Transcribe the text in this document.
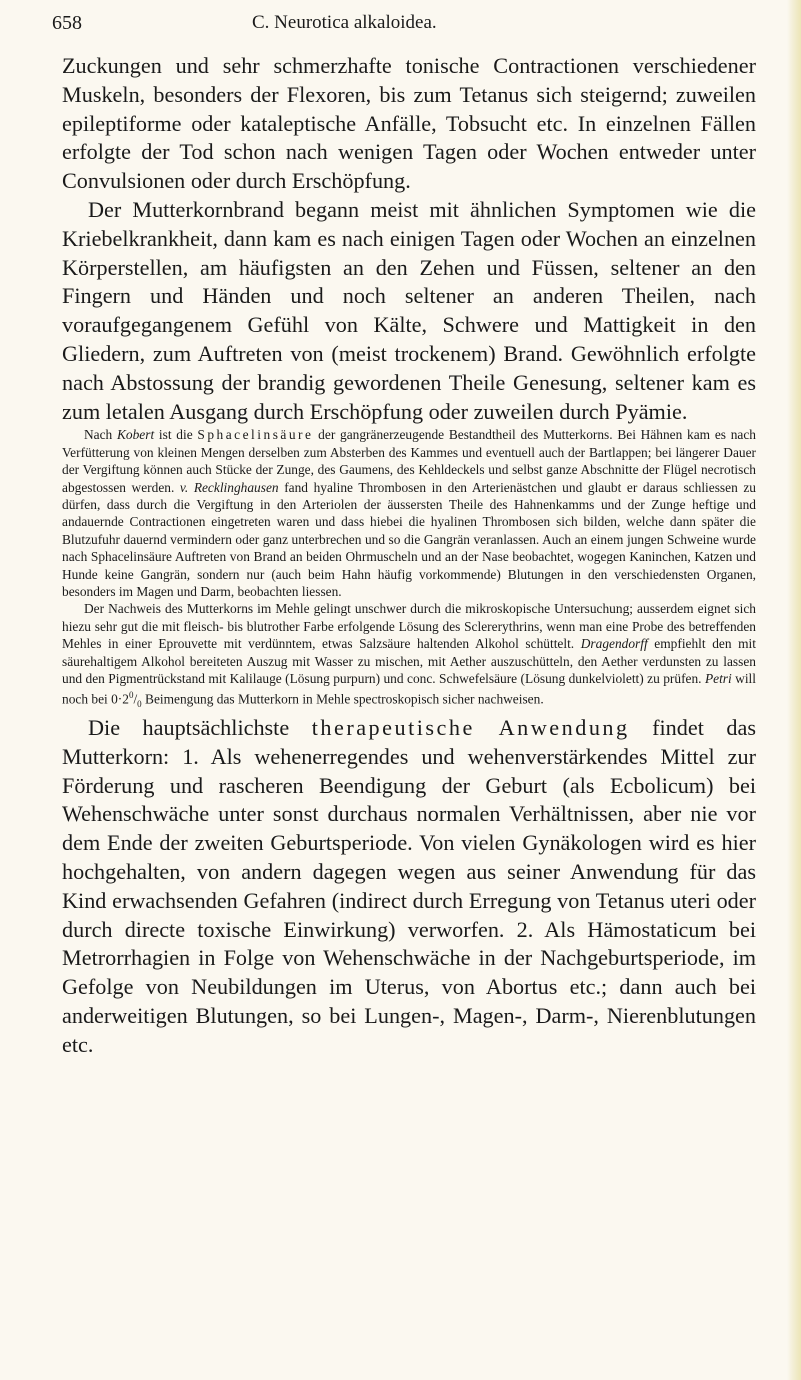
658	C. Neurotica alkaloidea.

Zuckungen und sehr schmerzhafte tonische Contractionen verschiedener Muskeln, besonders der Flexoren, bis zum Tetanus sich steigernd; zuweilen epileptiforme oder kataleptische Anfälle, Tobsucht etc. In einzelnen Fällen erfolgte der Tod schon nach wenigen Tagen oder Wochen entweder unter Convulsionen oder durch Erschöpfung.

Der Mutterkornbrand begann meist mit ähnlichen Symptomen wie die Kriebelkrankheit, dann kam es nach einigen Tagen oder Wochen an einzelnen Körperstellen, am häufigsten an den Zehen und Füssen, seltener an den Fingern und Händen und noch seltener an anderen Theilen, nach voraufgegangenem Gefühl von Kälte, Schwere und Mattigkeit in den Gliedern, zum Auftreten von (meist trockenem) Brand. Gewöhnlich erfolgte nach Abstossung der brandig gewordenen Theile Genesung, seltener kam es zum letalen Ausgang durch Erschöpfung oder zuweilen durch Pyämie.

Nach Kobert ist die Sphacelinsäure der gangränerzeugende Bestandtheil des Mutterkorns. Bei Hähnen kam es nach Verfütterung von kleinen Mengen derselben zum Absterben des Kammes und eventuell auch der Bartlappen; bei längerer Dauer der Vergiftung können auch Stücke der Zunge, des Gaumens, des Kehldeckels und selbst ganze Abschnitte der Flügel necrotisch abgestossen werden. v. Recklinghausen fand hyaline Thrombosen in den Arterienästchen und glaubt er daraus schliessen zu dürfen, dass durch die Vergiftung in den Arteriolen der äussersten Theile des Hahnenkamms und der Zunge heftige und andauernde Contractionen eingetreten waren und dass hiebei die hyalinen Thrombosen sich bilden, welche dann später die Blutzufuhr dauernd vermindern oder ganz unterbrechen und so die Gangrän veranlassen. Auch an einem jungen Schweine wurde nach Sphacelinsäure Auftreten von Brand an beiden Ohrmuscheln und an der Nase beobachtet, wogegen Kaninchen, Katzen und Hunde keine Gangrän, sondern nur (auch beim Hahn häufig vorkommende) Blutungen in den verschiedensten Organen, besonders im Magen und Darm, beobachten liessen.

Der Nachweis des Mutterkorns im Mehle gelingt unschwer durch die mikroskopische Untersuchung; ausserdem eignet sich hiezu sehr gut die mit fleisch- bis blutrother Farbe erfolgende Lösung des Sclererythrins, wenn man eine Probe des betreffenden Mehles in einer Eprouvette mit verdünntem, etwas Salzsäure haltenden Alkohol schüttelt. Dragendorff empfiehlt den mit säurehaltigem Alkohol bereiteten Auszug mit Wasser zu mischen, mit Aether auszuschütteln, den Aether verdunsten zu lassen und den Pigmentrückstand mit Kalilauge (Lösung purpurn) und conc. Schwefelsäure (Lösung dunkelviolett) zu prüfen. Petri will noch bei $0\cdot 2^0/_0$ Beimengung das Mutterkorn in Mehle spectroskopisch sicher nachweisen.

Die hauptsächlichste therapeutische Anwendung findet das Mutterkorn: 1. Als wehenerregendes und wehenverstärkendes Mittel zur Förderung und rascheren Beendigung der Geburt (als Ecbolicum) bei Wehenschwäche unter sonst durchaus normalen Verhältnissen, aber nie vor dem Ende der zweiten Geburtsperiode. Von vielen Gynäkologen wird es hier hochgehalten, von andern dagegen wegen aus seiner Anwendung für das Kind erwachsenden Gefahren (indirect durch Erregung von Tetanus uteri oder durch directe toxische Einwirkung) verworfen. 2. Als Hämostaticum bei Metrorrhagien in Folge von Wehenschwäche in der Nachgeburtsperiode, im Gefolge von Neubildungen im Uterus, von Abortus etc.; dann auch bei anderweitigen Blutungen, so bei Lungen-, Magen-, Darm-, Nierenblutungen etc.
